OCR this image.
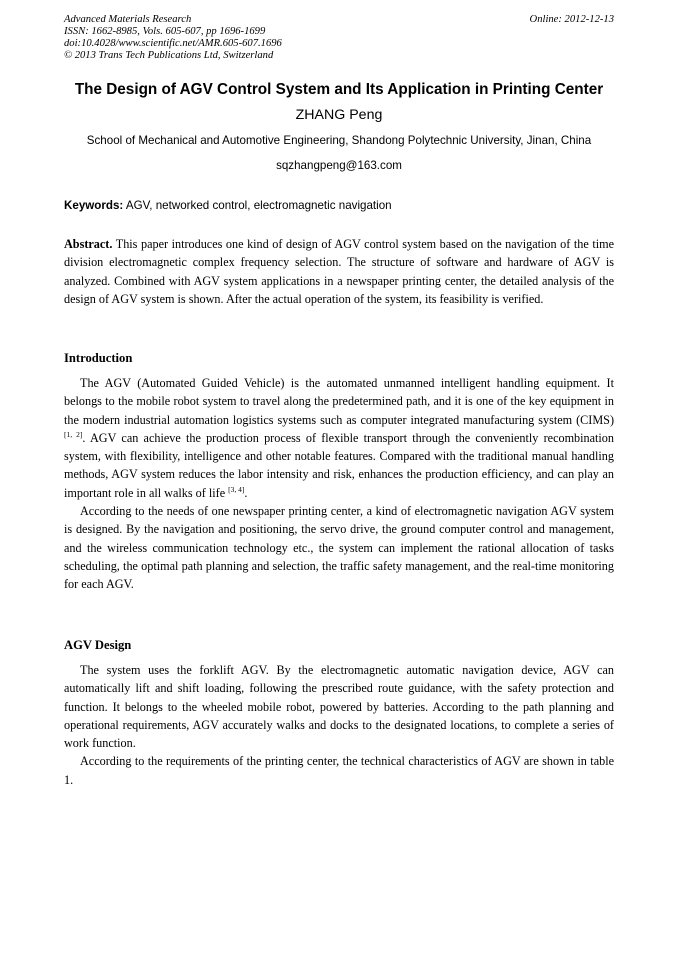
Advanced Materials Research
ISSN: 1662-8985, Vols. 605-607, pp 1696-1699
doi:10.4028/www.scientific.net/AMR.605-607.1696
© 2013 Trans Tech Publications Ltd, Switzerland
Online: 2012-12-13
The Design of AGV Control System and Its Application in Printing Center
ZHANG Peng
School of Mechanical and Automotive Engineering, Shandong Polytechnic University, Jinan, China
sqzhangpeng@163.com
Keywords: AGV, networked control, electromagnetic navigation
Abstract. This paper introduces one kind of design of AGV control system based on the navigation of the time division electromagnetic complex frequency selection. The structure of software and hardware of AGV is analyzed. Combined with AGV system applications in a newspaper printing center, the detailed analysis of the design of AGV system is shown. After the actual operation of the system, its feasibility is verified.
Introduction

The AGV (Automated Guided Vehicle) is the automated unmanned intelligent handling equipment. It belongs to the mobile robot system to travel along the predetermined path, and it is one of the key equipment in the modern industrial automation logistics systems such as computer integrated manufacturing system (CIMS) [1, 2]. AGV can achieve the production process of flexible transport through the conveniently recombination system, with flexibility, intelligence and other notable features. Compared with the traditional manual handling methods, AGV system reduces the labor intensity and risk, enhances the production efficiency, and can play an important role in all walks of life [3, 4].

According to the needs of one newspaper printing center, a kind of electromagnetic navigation AGV system is designed. By the navigation and positioning, the servo drive, the ground computer control and management, and the wireless communication technology etc., the system can implement the rational allocation of tasks scheduling, the optimal path planning and selection, the traffic safety management, and the real-time monitoring for each AGV.

AGV Design

The system uses the forklift AGV. By the electromagnetic automatic navigation device, AGV can automatically lift and shift loading, following the prescribed route guidance, with the safety protection and function. It belongs to the wheeled mobile robot, powered by batteries. According to the path planning and operational requirements, AGV accurately walks and docks to the designated locations, to complete a series of work function.

According to the requirements of the printing center, the technical characteristics of AGV are shown in table 1.
